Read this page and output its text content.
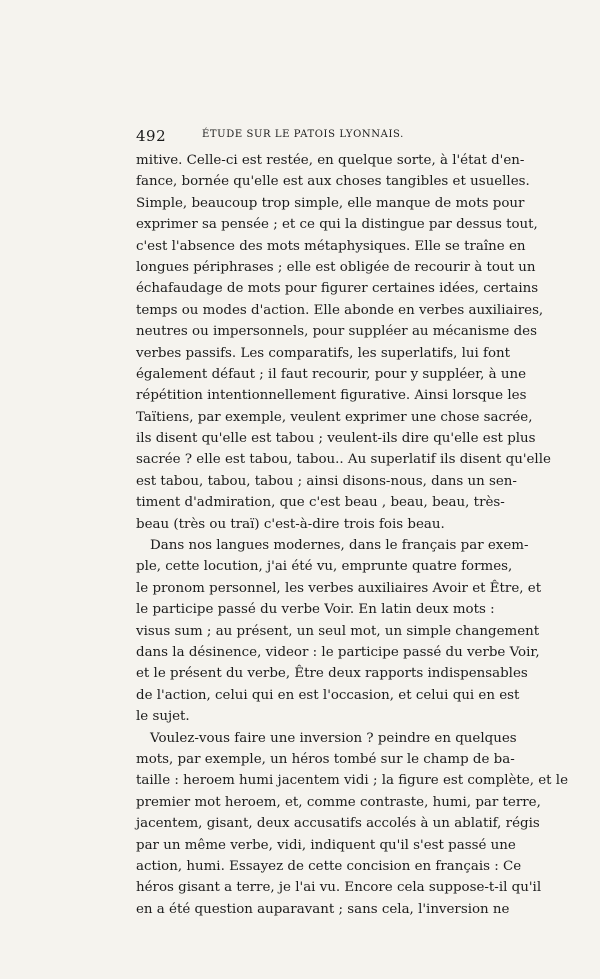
492	ÉTUDE SUR LE PATOIS LYONNAIS.
mitive. Celle-ci est restée, en quelque sorte, à l'état d'en-
fance, bornée qu'elle est aux choses tangibles et usuelles.
Simple, beaucoup trop simple, elle manque de mots pour
exprimer sa pensée ; et ce qui la distingue par dessus tout,
c'est l'absence des mots métaphysiques. Elle se traîne en
longues périphrases ; elle est obligée de recourir à tout un
échafaudage de mots pour figurer certaines idées, certains
temps ou modes d'action. Elle abonde en verbes auxiliaires,
neutres ou impersonnels, pour suppléer au mécanisme des
verbes passifs. Les comparatifs, les superlatifs, lui font
également défaut ; il faut recourir, pour y suppléer, à une
répétition intentionnellement figurative. Ainsi lorsque les
Taïtiens, par exemple, veulent exprimer une chose sacrée,
ils disent qu'elle est tabou ; veulent-ils dire qu'elle est plus
sacrée ? elle est tabou, tabou.. Au superlatif ils disent qu'elle
est tabou, tabou, tabou ; ainsi disons-nous, dans un sen-
timent d'admiration, que c'est beau , beau, beau, très-
beau (très ou traï) c'est-à-dire trois fois beau.
Dans nos langues modernes, dans le français par exem-
ple, cette locution, j'ai été vu, emprunte quatre formes,
le pronom personnel, les verbes auxiliaires Avoir et Être, et
le participe passé du verbe Voir. En latin deux mots :
visus sum ; au présent, un seul mot, un simple changement
dans la désinence, videor : le participe passé du verbe Voir,
et le présent du verbe, Être deux rapports indispensables
de l'action, celui qui en est l'occasion, et celui qui en est
le sujet.
Voulez-vous faire une inversion ? peindre en quelques
mots, par exemple, un héros tombé sur le champ de ba-
taille : heroem humi jacentem vidi ; la figure est complète, et le
premier mot heroem, et, comme contraste, humi, par terre,
jacentem, gisant, deux accusatifs accolés à un ablatif, régis
par un même verbe, vidi, indiquent qu'il s'est passé une
action, humi. Essayez de cette concision en français : Ce
héros gisant a terre, je l'ai vu. Encore cela suppose-t-il qu'il
en a été question auparavant ; sans cela, l'inversion ne
